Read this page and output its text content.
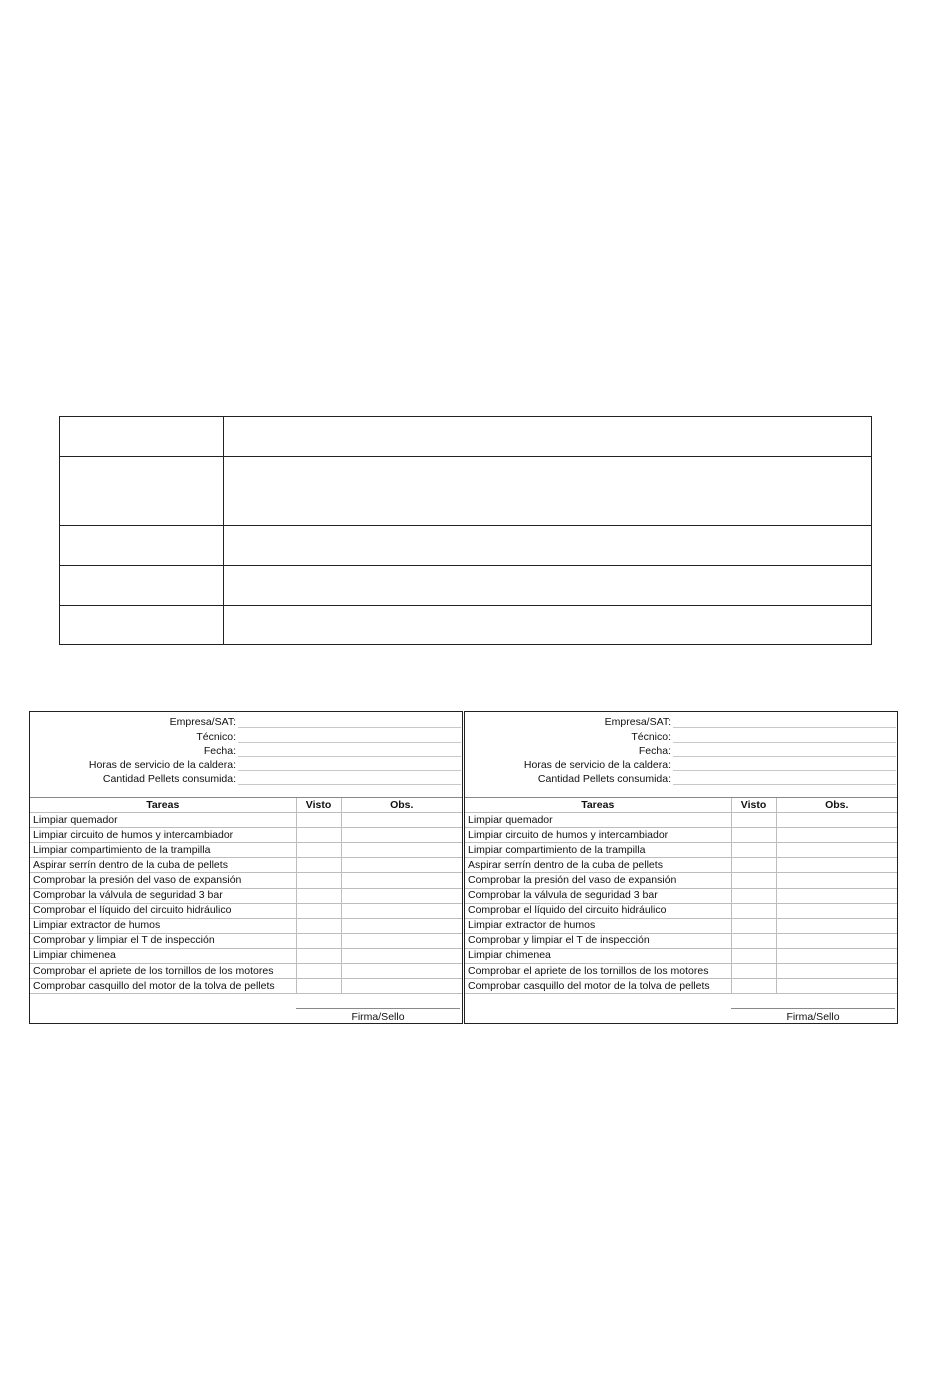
Empresa/SAT:
Técnico:
Fecha:
Horas de servicio de la caldera:
Cantidad Pellets consumida:
Tareas	Visto	Obs.
Limpiar quemador		
Limpiar circuito de humos y intercambiador		
Limpiar compartimiento de la trampilla		
Aspirar serrín dentro de la cuba de pellets		
Comprobar la presión del vaso de expansión		
Comprobar la válvula de seguridad 3 bar		
Comprobar el líquido del circuito hidráulico		
Limpiar extractor de humos		
Comprobar y limpiar el T de inspección		
Limpiar chimenea		
Comprobar el apriete de los tornillos de los motores		
Comprobar casquillo del motor de la tolva de pellets		
Firma/Sello
Empresa/SAT:
Técnico:
Fecha:
Horas de servicio de la caldera:
Cantidad Pellets consumida:
Tareas	Visto	Obs.
Limpiar quemador		
Limpiar circuito de humos y intercambiador		
Limpiar compartimiento de la trampilla		
Aspirar serrín dentro de la cuba de pellets		
Comprobar la presión del vaso de expansión		
Comprobar la válvula de seguridad 3 bar		
Comprobar el líquido del circuito hidráulico		
Limpiar extractor de humos		
Comprobar y limpiar el T de inspección		
Limpiar chimenea		
Comprobar el apriete de los tornillos de los motores		
Comprobar casquillo del motor de la tolva de pellets		
Firma/Sello
